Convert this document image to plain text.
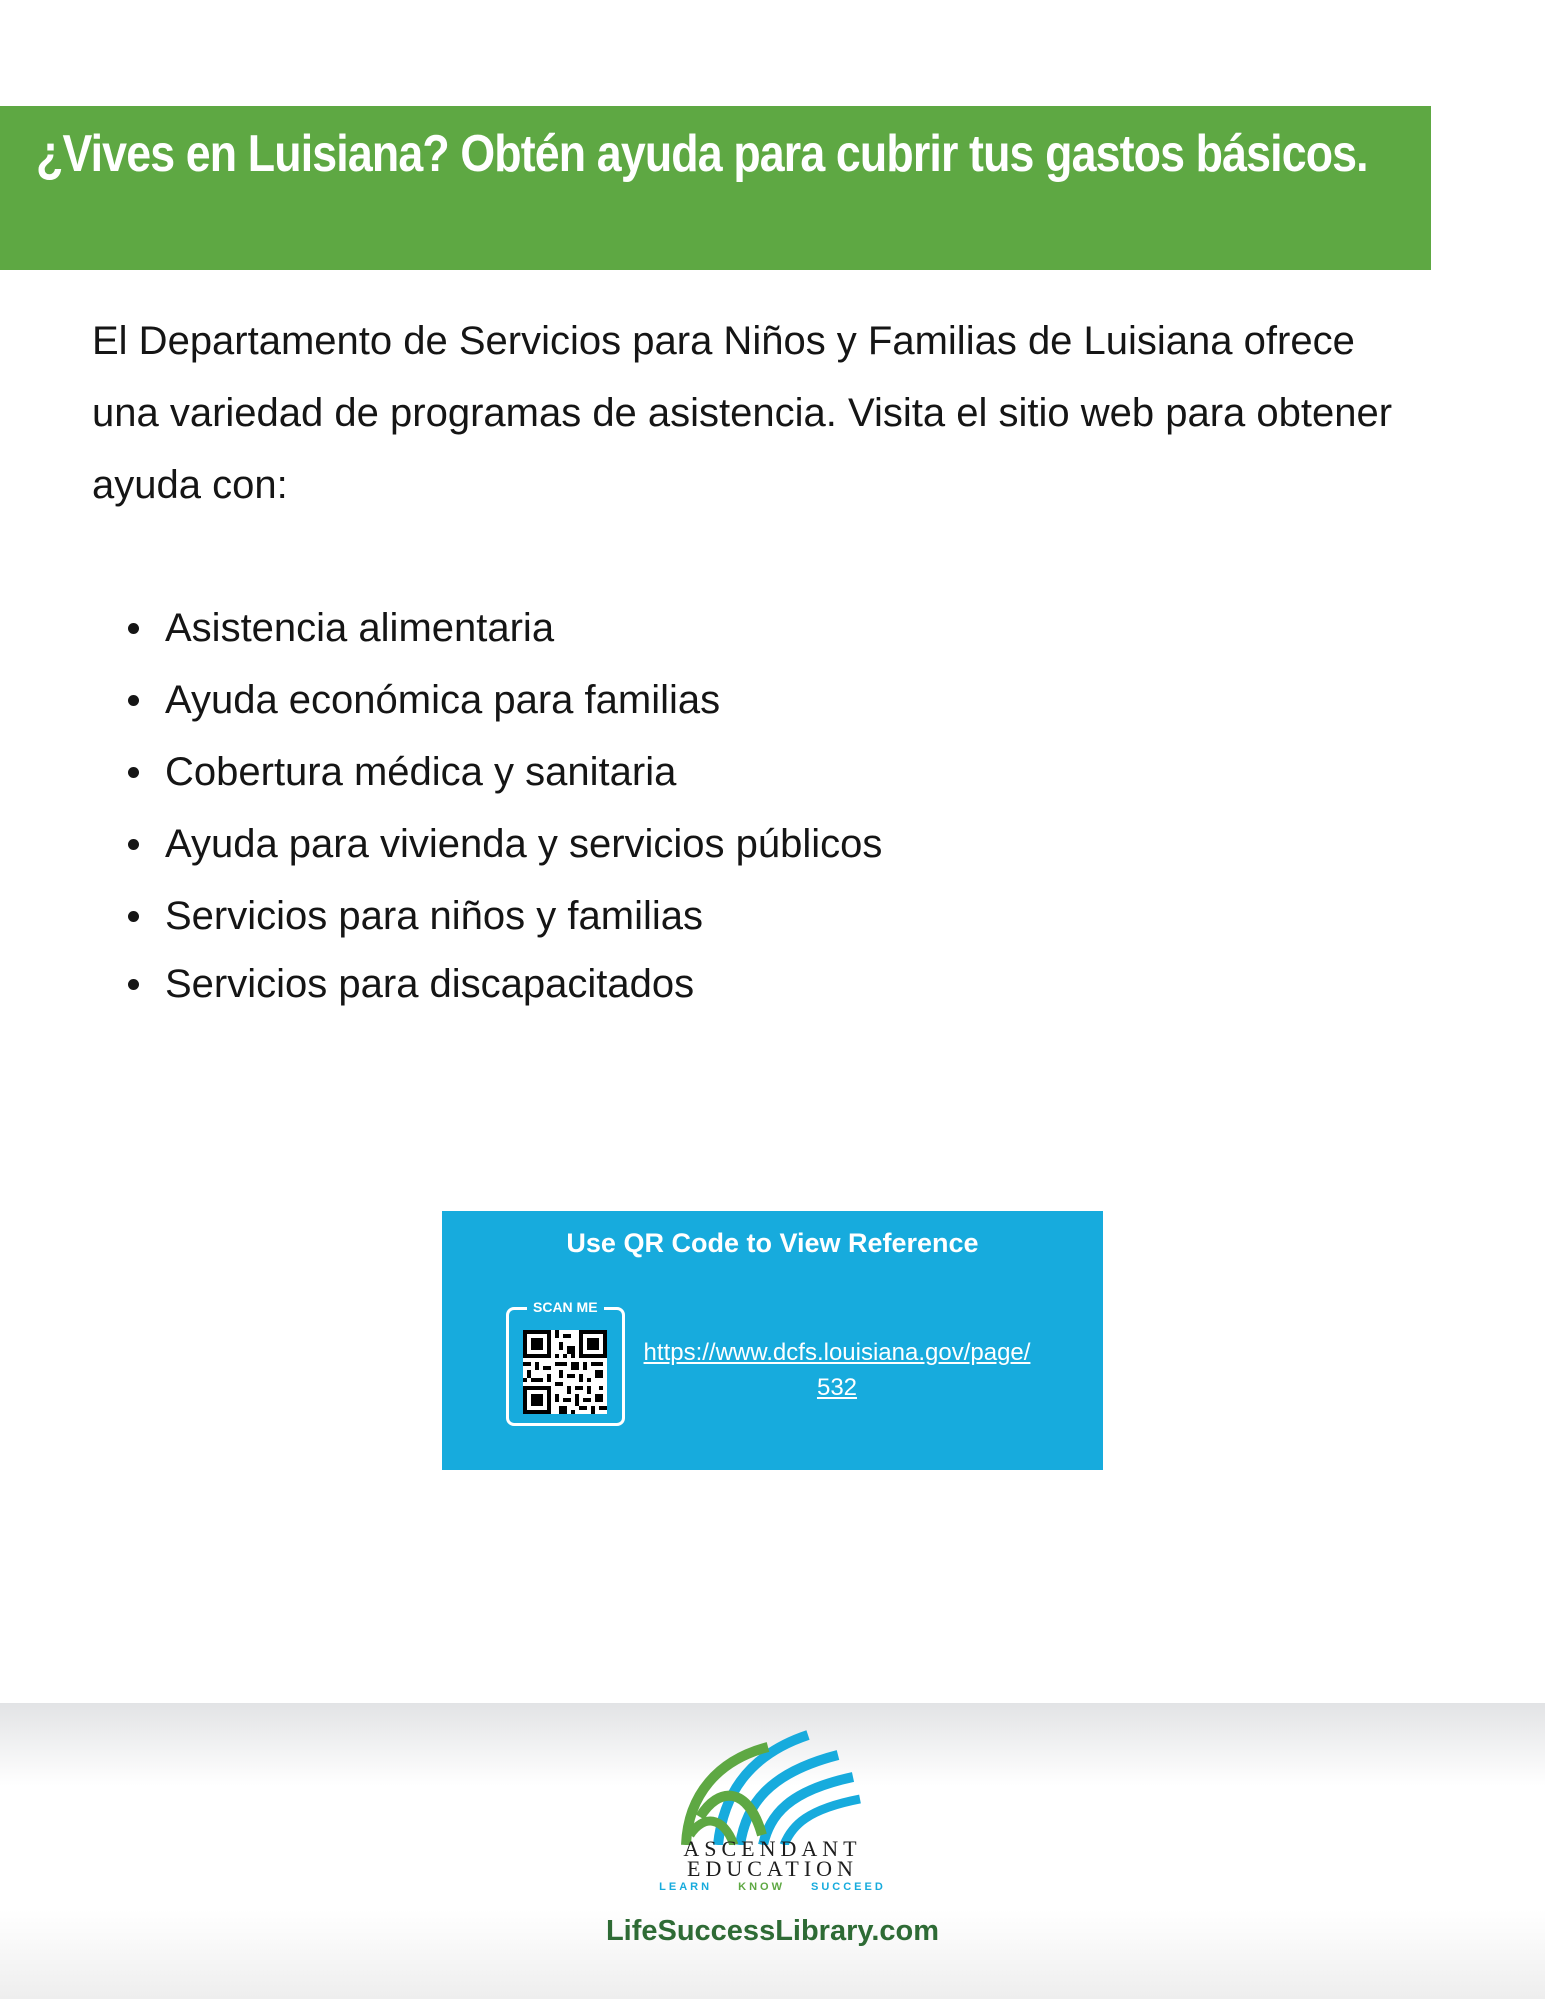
¿Vives en Luisiana? Obtén ayuda para cubrir tus gastos básicos.

El Departamento de Servicios para Niños y Familias de Luisiana ofrece una variedad de programas de asistencia. Visita el sitio web para obtener ayuda con:

Asistencia alimentaria
Ayuda económica para familias
Cobertura médica y sanitaria
Ayuda para vivienda y servicios públicos
Servicios para niños y familias
Servicios para discapacitados
Use QR Code to View Reference
SCAN ME
https://www.dcfs.louisiana.gov/page/532
ASCENDANT
EDUCATION
LEARN KNOW SUCCEED
LifeSuccessLibrary.com
